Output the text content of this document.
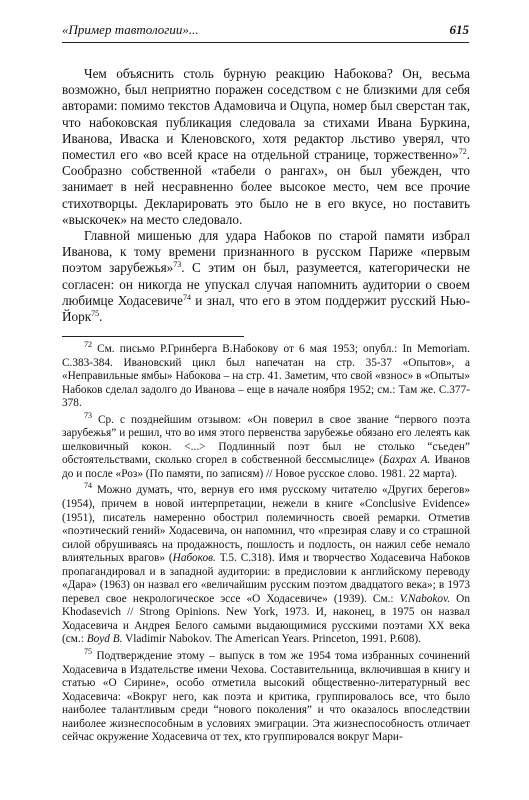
«Пример тавтологии»...	615

Чем объяснить столь бурную реакцию Набокова? Он, весьма возможно, был неприятно поражен соседством с не близкими для себя авторами: помимо текстов Адамовича и Оцупа, номер был сверстан так, что набоковская публикация следовала за стихами Ивана Буркина, Иванова, Иваска и Кленовского, хотя редактор льстиво уверял, что поместил его «во всей красе на отдельной странице, торжественно»$^{72}$. Сообразно собственной «табели о рангах», он был убежден, что занимает в ней несравненно более высокое место, чем все прочие стихотворцы. Декларировать это было не в его вкусе, но поставить «выскочек» на место следовало.

Главной мишенью для удара Набоков по старой памяти избрал Иванова, к тому времени признанного в русском Париже «первым поэтом зарубежья»$^{73}$. С этим он был, разумеется, категорически не согласен: он никогда не упускал случая напомнить аудитории о своем любимце Ходасевиче$^{74}$ и знал, что его в этом поддержит русский Нью-Йорк$^{75}$.

$^{72}$ См. письмо Р.Гринберга В.Набокову от 6 мая 1953; опубл.: In Memoriam. С.383-384. Ивановский цикл был напечатан на стр. 35-37 «Опытов», а «Неправильные ямбы» Набокова – на стр. 41. Заметим, что свой «взнос» в «Опыты» Набоков сделал задолго до Иванова – еще в начале ноября 1952; см.: Там же. С.377-378.

$^{73}$ Ср. с позднейшим отзывом: «Он поверил в свое звание “первого поэта зарубежья” и решил, что во имя этого первенства зарубежье обязано его лелеять как шелковичный кокон. <...> Подлинный поэт был не столько “съеден” обстоятельствами, сколько сгорел в собственной бессмыслице» (Бахрах А. Иванов до и после «Роз» (По памяти, по записям) // Новое русское слово. 1981. 22 марта).

$^{74}$ Можно думать, что, вернув его имя русскому читателю «Других берегов» (1954), причем в новой интерпретации, нежели в книге «Conclusive Evidence» (1951), писатель намеренно обострил полемичность своей ремарки. Отметив «поэтический гений» Ходасевича, он напомнил, что «презирая славу и со страшной силой обрушиваясь на продажность, пошлость и подлость, он нажил себе немало влиятельных врагов» (Набоков. Т.5. С.318). Имя и творчество Ходасевича Набоков пропагандировал и в западной аудитории: в предисловии к английскому переводу «Дара» (1963) он назвал его «величайшим русским поэтом двадцатого века»; в 1973 перевел свое некрологическое эссе «О Ходасевиче» (1939). См.: V.Nabokov. On Khodasevich // Strong Opinions. New York, 1973. И, наконец, в 1975 он назвал Ходасевича и Андрея Белого самыми выдающимися русскими поэтами XX века (см.: Boyd B. Vladimir Nabokov. The American Years. Princeton, 1991. P.608).

$^{75}$ Подтверждение этому – выпуск в том же 1954 тома избранных сочинений Ходасевича в Издательстве имени Чехова. Составительница, включившая в книгу и статью «О Сирине», особо отметила высокий общественно-литературный вес Ходасевича: «Вокруг него, как поэта и критика, группировалось все, что было наиболее талантливым среди “нового поколения” и что оказалось впоследствии наиболее жизнеспособным в условиях эмиграции. Эта жизнеспособность отличает сейчас окружение Ходасевича от тех, кто группировался вокруг Мари-
